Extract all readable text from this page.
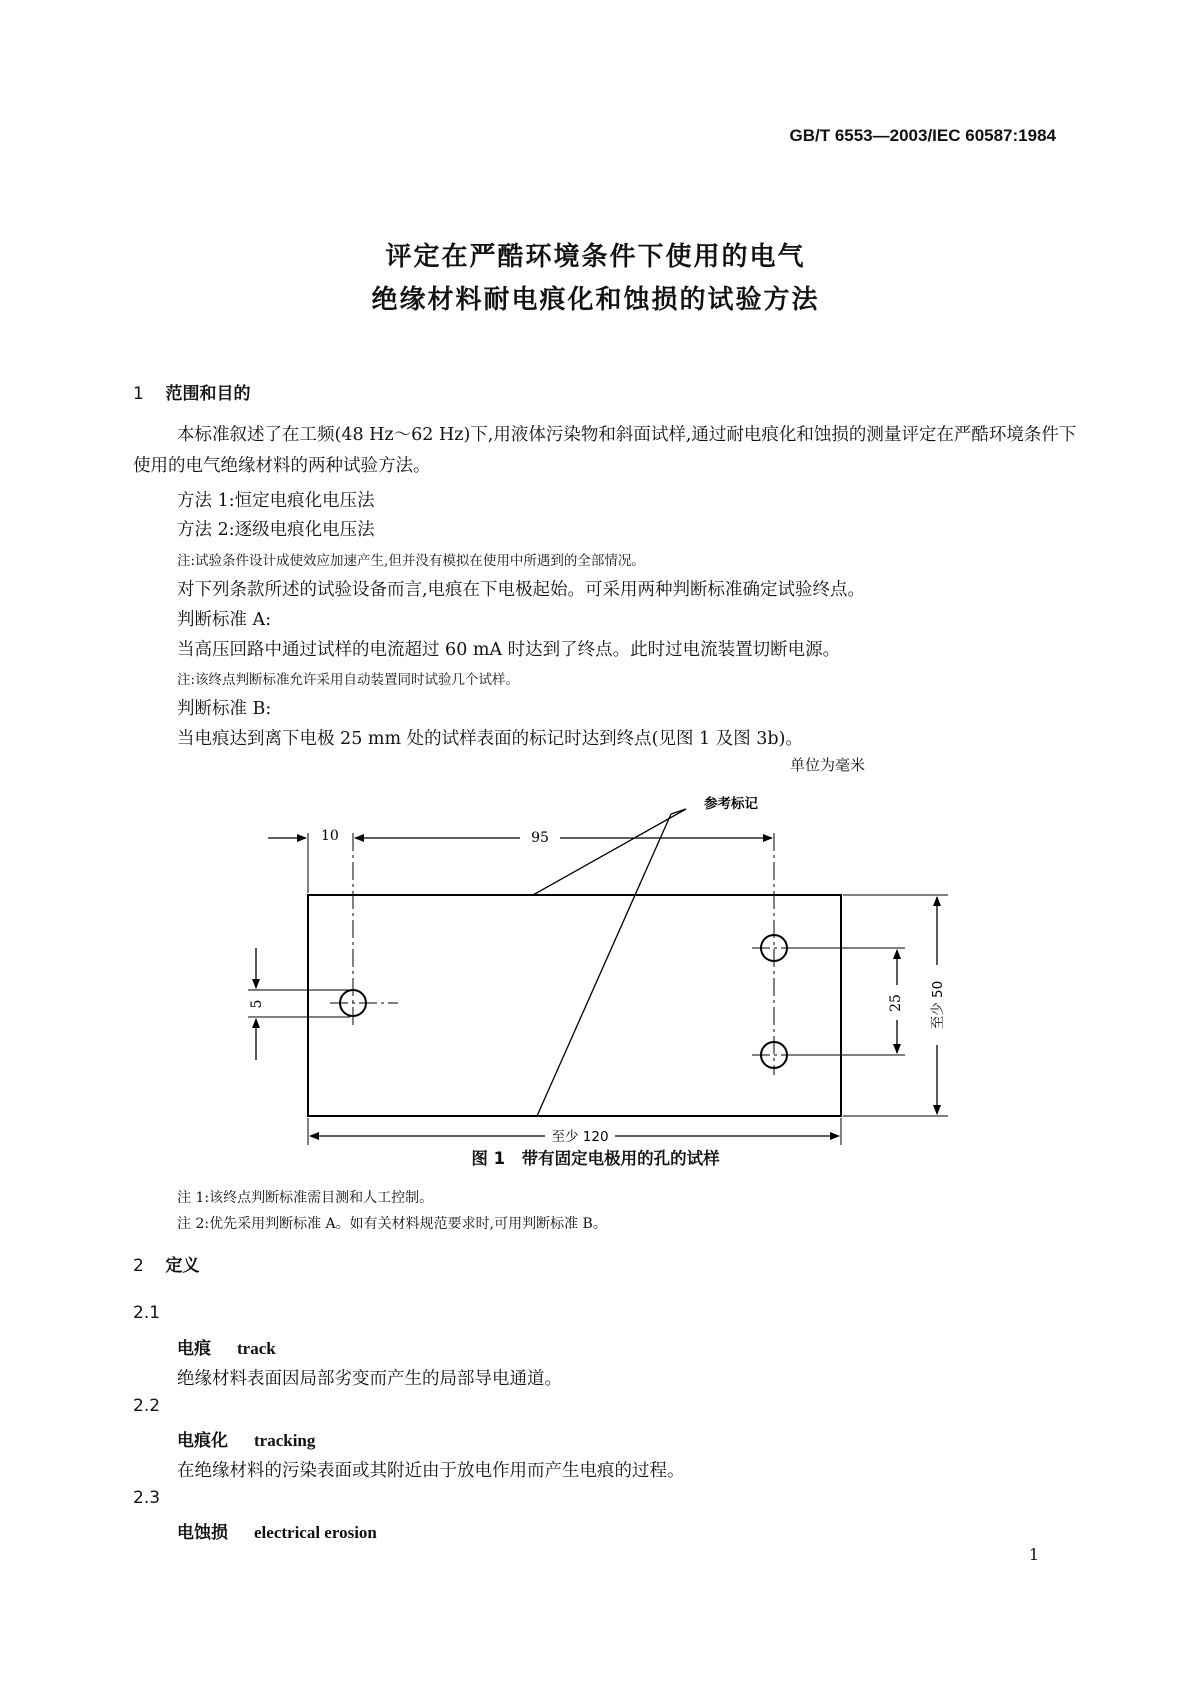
GB/T 6553—2003/IEC 60587:1984
评定在严酷环境条件下使用的电气
绝缘材料耐电痕化和蚀损的试验方法
1 范围和目的
本标准叙述了在工频(48 Hz～62 Hz)下,用液体污染物和斜面试样,通过耐电痕化和蚀损的测量评定在严酷环境条件下使用的电气绝缘材料的两种试验方法。
方法 1:恒定电痕化电压法
方法 2:逐级电痕化电压法
注:试验条件设计成使效应加速产生,但并没有模拟在使用中所遇到的全部情况。
对下列条款所述的试验设备而言,电痕在下电极起始。可采用两种判断标准确定试验终点。
判断标准 A:
当高压回路中通过试样的电流超过 60 mA 时达到了终点。此时过电流装置切断电源。
注:该终点判断标准允许采用自动装置同时试验几个试样。
判断标准 B:
当电痕达到离下电极 25 mm 处的试样表面的标记时达到终点(见图 1 及图 3b)。
单位为毫米
参考标记
10	95
5	25 至少 50
至少 120
图 1　带有固定电极用的孔的试样
注 1:该终点判断标准需目测和人工控制。
注 2:优先采用判断标准 A。如有关材料规范要求时,可用判断标准 B。
2 定义
2.1
电痕 track
绝缘材料表面因局部劣变而产生的局部导电通道。
2.2
电痕化 tracking
在绝缘材料的污染表面或其附近由于放电作用而产生电痕的过程。
2.3
电蚀损 electrical erosion
1
